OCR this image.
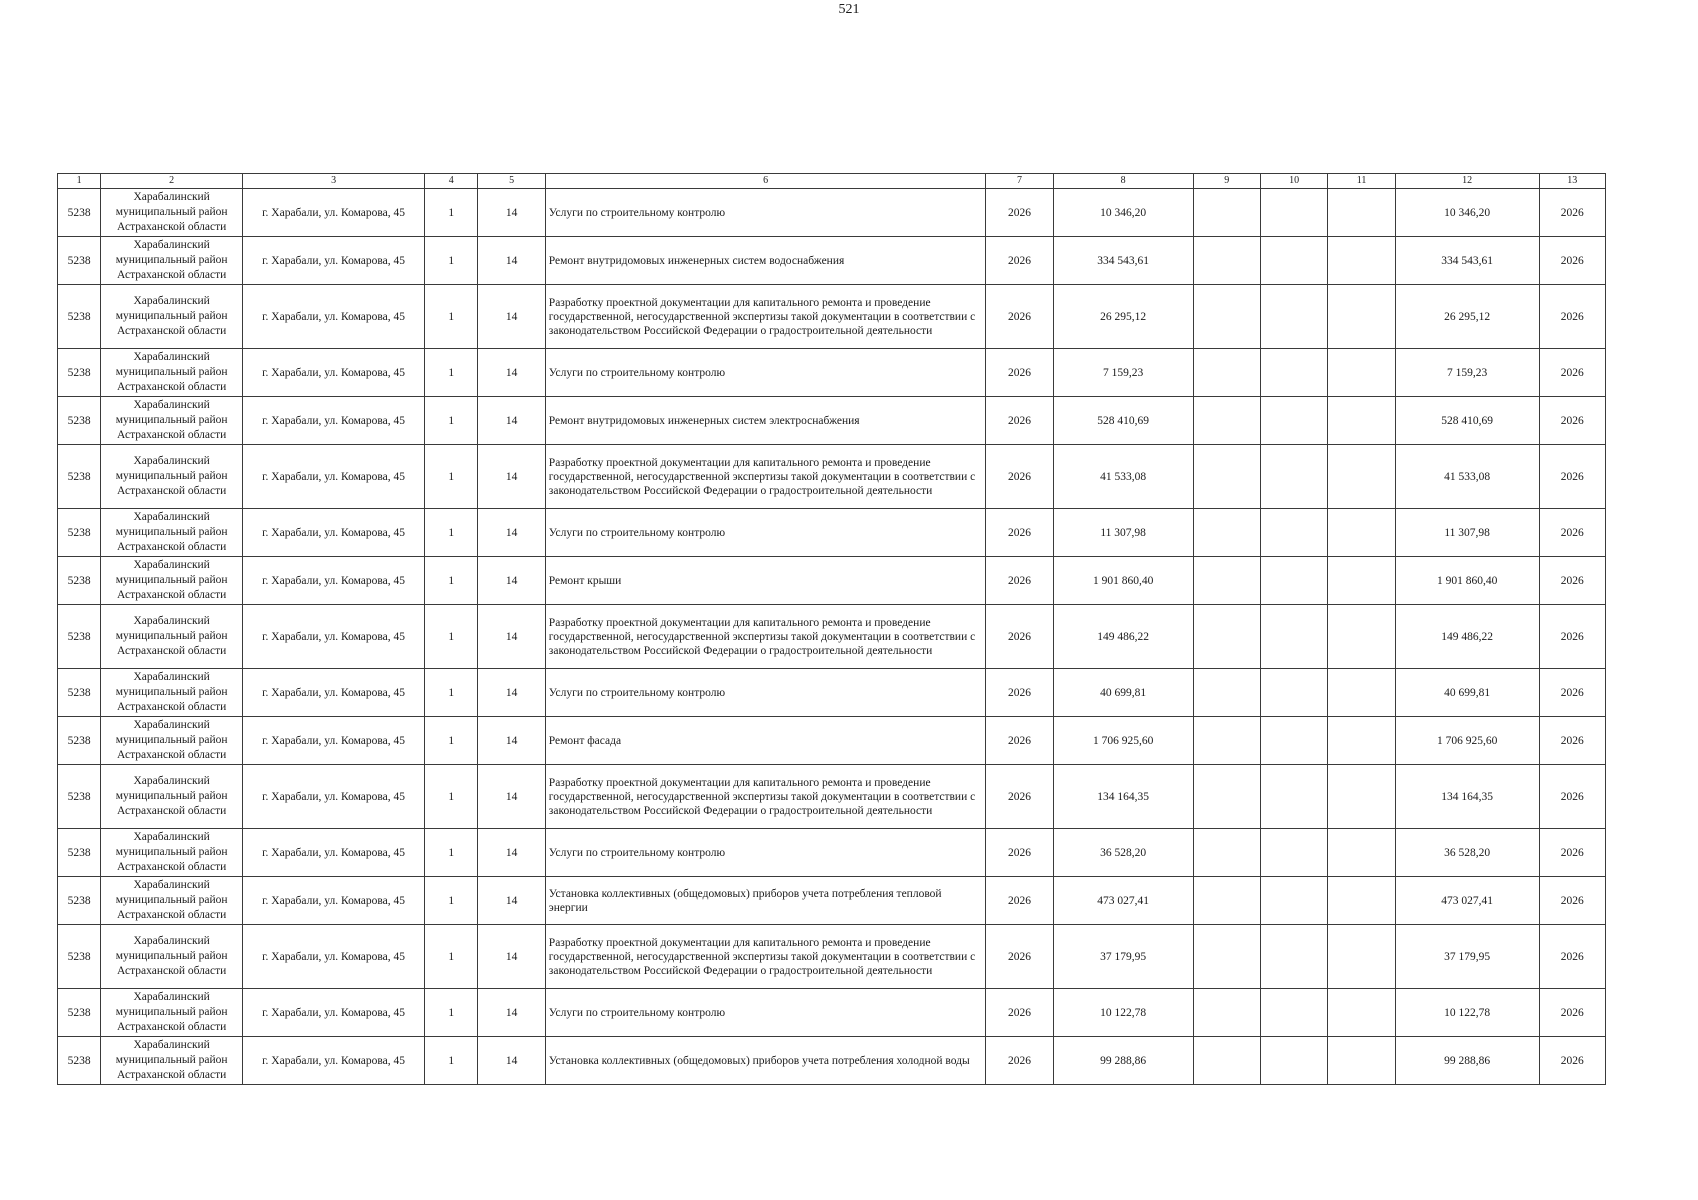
521
1	2	3	4	5	6	7	8	9	10	11	12	13
5238	Харабалинский муниципальный район Астраханской области	г. Харабали, ул. Комарова, 45	1	14	Услуги по строительному контролю	2026	10 346,20				10 346,20	2026
5238	Харабалинский муниципальный район Астраханской области	г. Харабали, ул. Комарова, 45	1	14	Ремонт внутридомовых инженерных систем водоснабжения	2026	334 543,61				334 543,61	2026
5238	Харабалинский муниципальный район Астраханской области	г. Харабали, ул. Комарова, 45	1	14	Разработку проектной документации для капитального ремонта и проведение государственной, негосударственной экспертизы такой документации в соответствии с законодательством Российской Федерации о градостроительной деятельности	2026	26 295,12				26 295,12	2026
5238	Харабалинский муниципальный район Астраханской области	г. Харабали, ул. Комарова, 45	1	14	Услуги по строительному контролю	2026	7 159,23				7 159,23	2026
5238	Харабалинский муниципальный район Астраханской области	г. Харабали, ул. Комарова, 45	1	14	Ремонт внутридомовых инженерных систем электроснабжения	2026	528 410,69				528 410,69	2026
5238	Харабалинский муниципальный район Астраханской области	г. Харабали, ул. Комарова, 45	1	14	Разработку проектной документации для капитального ремонта и проведение государственной, негосударственной экспертизы такой документации в соответствии с законодательством Российской Федерации о градостроительной деятельности	2026	41 533,08				41 533,08	2026
5238	Харабалинский муниципальный район Астраханской области	г. Харабали, ул. Комарова, 45	1	14	Услуги по строительному контролю	2026	11 307,98				11 307,98	2026
5238	Харабалинский муниципальный район Астраханской области	г. Харабали, ул. Комарова, 45	1	14	Ремонт крыши	2026	1 901 860,40				1 901 860,40	2026
5238	Харабалинский муниципальный район Астраханской области	г. Харабали, ул. Комарова, 45	1	14	Разработку проектной документации для капитального ремонта и проведение государственной, негосударственной экспертизы такой документации в соответствии с законодательством Российской Федерации о градостроительной деятельности	2026	149 486,22				149 486,22	2026
5238	Харабалинский муниципальный район Астраханской области	г. Харабали, ул. Комарова, 45	1	14	Услуги по строительному контролю	2026	40 699,81				40 699,81	2026
5238	Харабалинский муниципальный район Астраханской области	г. Харабали, ул. Комарова, 45	1	14	Ремонт фасада	2026	1 706 925,60				1 706 925,60	2026
5238	Харабалинский муниципальный район Астраханской области	г. Харабали, ул. Комарова, 45	1	14	Разработку проектной документации для капитального ремонта и проведение государственной, негосударственной экспертизы такой документации в соответствии с законодательством Российской Федерации о градостроительной деятельности	2026	134 164,35				134 164,35	2026
5238	Харабалинский муниципальный район Астраханской области	г. Харабали, ул. Комарова, 45	1	14	Услуги по строительному контролю	2026	36 528,20				36 528,20	2026
5238	Харабалинский муниципальный район Астраханской области	г. Харабали, ул. Комарова, 45	1	14	Установка коллективных (общедомовых) приборов учета потребления тепловой энергии	2026	473 027,41				473 027,41	2026
5238	Харабалинский муниципальный район Астраханской области	г. Харабали, ул. Комарова, 45	1	14	Разработку проектной документации для капитального ремонта и проведение государственной, негосударственной экспертизы такой документации в соответствии с законодательством Российской Федерации о градостроительной деятельности	2026	37 179,95				37 179,95	2026
5238	Харабалинский муниципальный район Астраханской области	г. Харабали, ул. Комарова, 45	1	14	Услуги по строительному контролю	2026	10 122,78				10 122,78	2026
5238	Харабалинский муниципальный район Астраханской области	г. Харабали, ул. Комарова, 45	1	14	Установка коллективных (общедомовых) приборов учета потребления холодной воды	2026	99 288,86				99 288,86	2026
